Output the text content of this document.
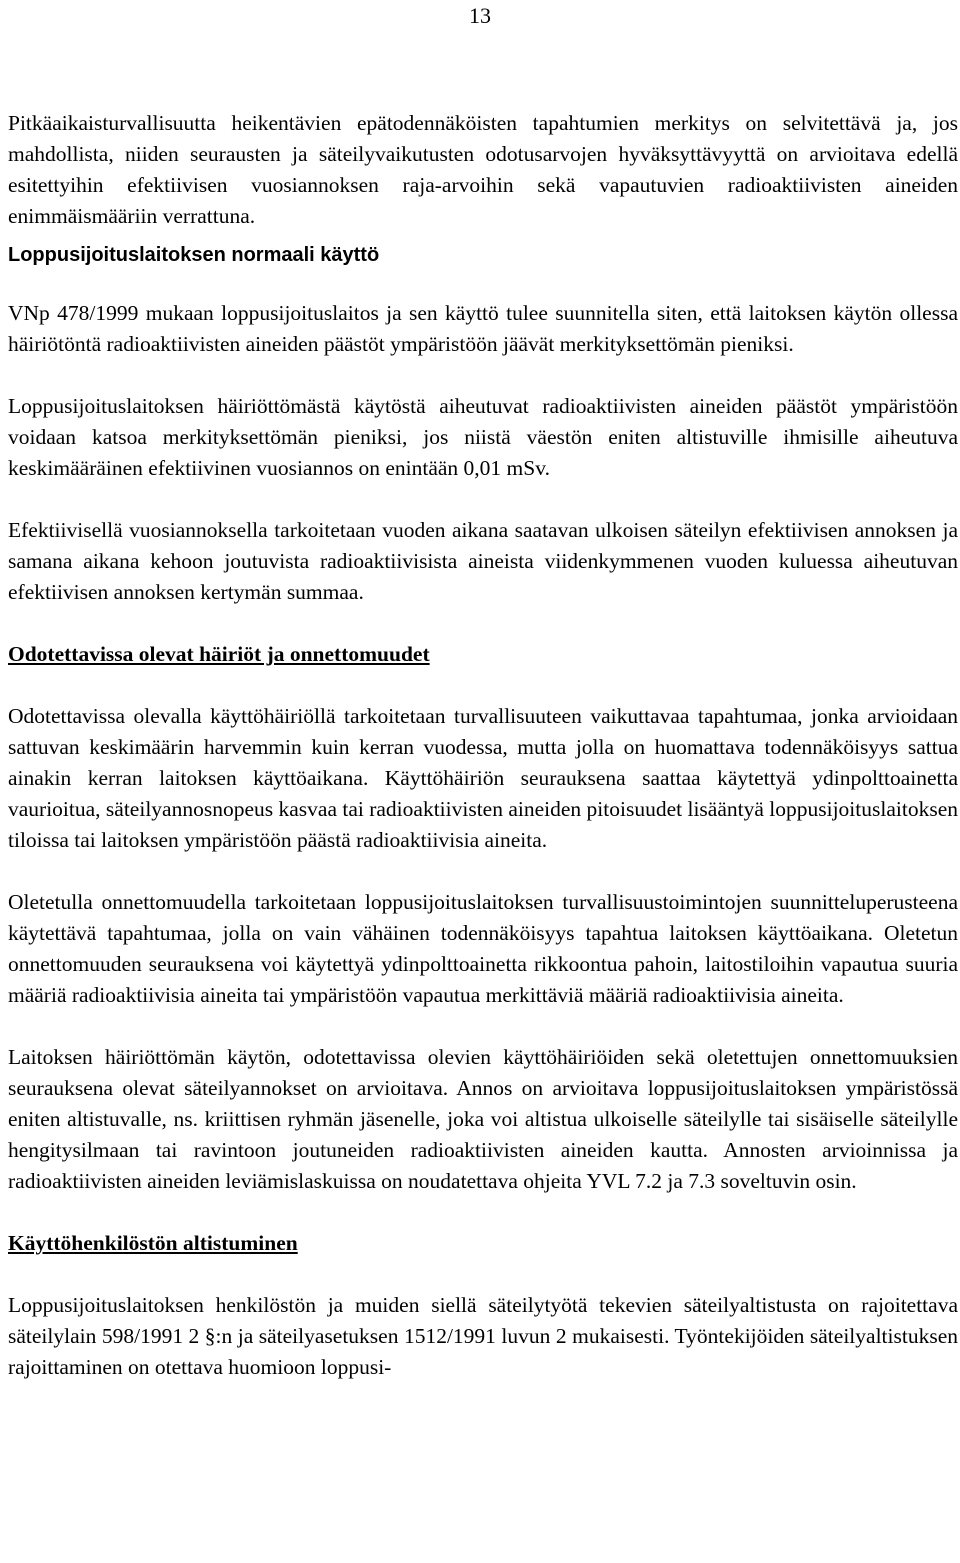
13

Pitkäaikaisturvallisuutta heikentävien epätodennäköisten tapahtumien merkitys on selvitettävä ja, jos mahdollista, niiden seurausten ja säteilyvaikutusten odotusarvojen hyväksyttävyyttä on arvioitava edellä esitettyihin efektiivisen vuosiannoksen raja-arvoihin sekä vapautuvien radioaktiivisten aineiden enimmäismääriin verrattuna.

Loppusijoituslaitoksen normaali käyttö

VNp 478/1999 mukaan loppusijoituslaitos ja sen käyttö tulee suunnitella siten, että laitoksen käytön ollessa häiriötöntä radioaktiivisten aineiden päästöt ympäristöön jäävät merkityksettömän pieniksi.

Loppusijoituslaitoksen häiriöttömästä käytöstä aiheutuvat radioaktiivisten aineiden päästöt ympäristöön voidaan katsoa merkityksettömän pieniksi, jos niistä väestön eniten altistuville ihmisille aiheutuva keskimääräinen efektiivinen vuosiannos on enintään 0,01 mSv.

Efektiivisellä vuosiannoksella tarkoitetaan vuoden aikana saatavan ulkoisen säteilyn efektiivisen annoksen ja samana aikana kehoon joutuvista radioaktiivisista aineista viidenkymmenen vuoden kuluessa aiheutuvan efektiivisen annoksen kertymän summaa.

Odotettavissa olevat häiriöt ja onnettomuudet

Odotettavissa olevalla käyttöhäiriöllä tarkoitetaan turvallisuuteen vaikuttavaa tapahtumaa, jonka arvioidaan sattuvan keskimäärin harvemmin kuin kerran vuodessa, mutta jolla on huomattava todennäköisyys sattua ainakin kerran laitoksen käyttöaikana. Käyttöhäiriön seurauksena saattaa käytettyä ydinpolttoainetta vaurioitua, säteilyannosnopeus kasvaa tai radioaktiivisten aineiden pitoisuudet lisääntyä loppusijoituslaitoksen tiloissa tai laitoksen ympäristöön päästä radioaktiivisia aineita.

Oletetulla onnettomuudella tarkoitetaan loppusijoituslaitoksen turvallisuustoimintojen suunnitteluperusteena käytettävä tapahtumaa, jolla on vain vähäinen todennäköisyys tapahtua laitoksen käyttöaikana. Oletetun onnettomuuden seurauksena voi käytettyä ydinpolttoainetta rikkoontua pahoin, laitostiloihin vapautua suuria määriä radioaktiivisia aineita tai ympäristöön vapautua merkittäviä määriä radioaktiivisia aineita.

Laitoksen häiriöttömän käytön, odotettavissa olevien käyttöhäiriöiden sekä oletettujen onnettomuuksien seurauksena olevat säteilyannokset on arvioitava. Annos on arvioitava loppusijoituslaitoksen ympäristössä eniten altistuvalle, ns. kriittisen ryhmän jäsenelle, joka voi altistua ulkoiselle säteilylle tai sisäiselle säteilylle hengitysilmaan tai ravintoon joutuneiden radioaktiivisten aineiden kautta. Annosten arvioinnissa ja radioaktiivisten aineiden leviämislaskuissa on noudatettava ohjeita YVL 7.2 ja 7.3 soveltuvin osin.

Käyttöhenkilöstön altistuminen

Loppusijoituslaitoksen henkilöstön ja muiden siellä säteilytyötä tekevien säteilyaltistusta on rajoitettava säteilylain 598/1991 2 §:n ja säteilyasetuksen 1512/1991 luvun 2 mukaisesti. Työntekijöiden säteilyaltistuksen rajoittaminen on otettava huomioon loppusi-
